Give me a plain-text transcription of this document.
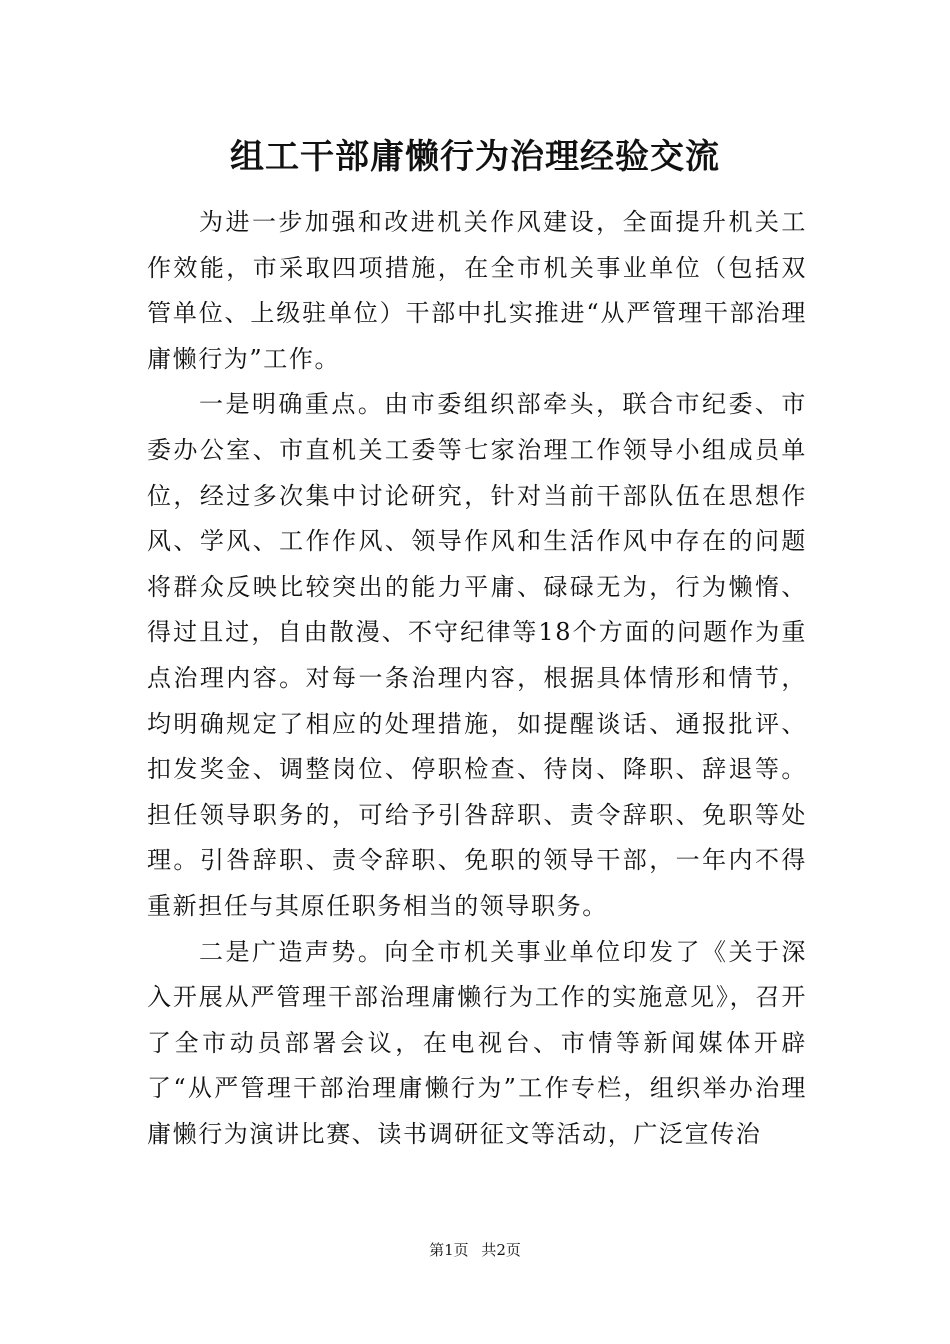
组工干部庸懒行为治理经验交流

为进一步加强和改进机关作风建设，全面提升机关工作效能，市采取四项措施，在全市机关事业单位（包括双管单位、上级驻单位）干部中扎实推进“从严管理干部治理庸懒行为”工作。

一是明确重点。由市委组织部牵头，联合市纪委、市委办公室、市直机关工委等七家治理工作领导小组成员单位，经过多次集中讨论研究，针对当前干部队伍在思想作风、学风、工作作风、领导作风和生活作风中存在的问题将群众反映比较突出的能力平庸、碌碌无为，行为懒惰、得过且过，自由散漫、不守纪律等18个方面的问题作为重点治理内容。对每一条治理内容，根据具体情形和情节，均明确规定了相应的处理措施，如提醒谈话、通报批评、扣发奖金、调整岗位、停职检查、待岗、降职、辞退等。担任领导职务的，可给予引咎辞职、责令辞职、免职等处理。引咎辞职、责令辞职、免职的领导干部，一年内不得重新担任与其原任职务相当的领导职务。

二是广造声势。向全市机关事业单位印发了《关于深入开展从严管理干部治理庸懒行为工作的实施意见》，召开了全市动员部署会议，在电视台、市情等新闻媒体开辟了“从严管理干部治理庸懒行为”工作专栏，组织举办治理庸懒行为演讲比赛、读书调研征文等活动，广泛宣传治

第1页 共2页
